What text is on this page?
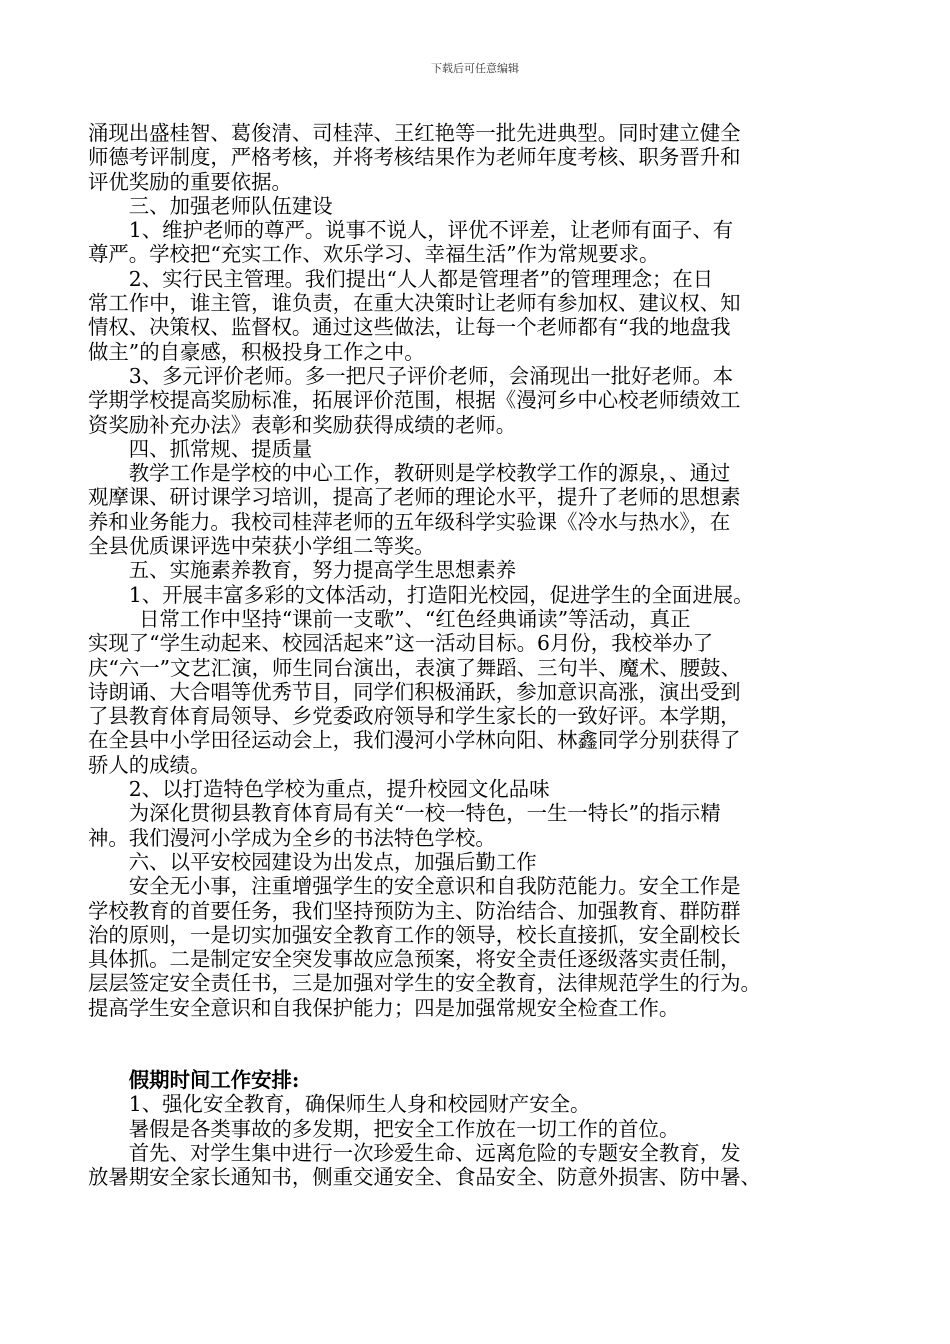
下载后可任意编辑
涌现出盛桂智、葛俊清、司桂萍、王红艳等一批先进典型。同时建立健全
师德考评制度，严格考核，并将考核结果作为老师年度考核、职务晋升和
评优奖励的重要依据。
三、加强老师队伍建设
1、维护老师的尊严。说事不说人，评优不评差，让老师有面子、有
尊严。学校把“充实工作、欢乐学习、幸福生活”作为常规要求。
2、实行民主管理。我们提出“人人都是管理者”的管理理念；在日
常工作中，谁主管，谁负责，在重大决策时让老师有参加权、建议权、知
情权、决策权、监督权。通过这些做法，让每一个老师都有“我的地盘我
做主”的自豪感，积极投身工作之中。
3、多元评价老师。多一把尺子评价老师，会涌现出一批好老师。本
学期学校提高奖励标准，拓展评价范围，根据《漫河乡中心校老师绩效工
资奖励补充办法》表彰和奖励获得成绩的老师。
四、抓常规、提质量
教学工作是学校的中心工作，教研则是学校教学工作的源泉，、通过
观摩课、研讨课学习培训，提高了老师的理论水平，提升了老师的思想素
养和业务能力。我校司桂萍老师的五年级科学实验课《冷水与热水》，在
全县优质课评选中荣获小学组二等奖。
五、实施素养教育，努力提高学生思想素养
1、开展丰富多彩的文体活动，打造阳光校园，促进学生的全面进展。
日常工作中坚持“课前一支歌”、“红色经典诵读”等活动，真正
实现了“学生动起来、校园活起来”这一活动目标。6月份，我校举办了
庆“六一”文艺汇演，师生同台演出，表演了舞蹈、三句半、魔术、腰鼓、
诗朗诵、大合唱等优秀节目，同学们积极涌跃，参加意识高涨，演出受到
了县教育体育局领导、乡党委政府领导和学生家长的一致好评。本学期，
在全县中小学田径运动会上，我们漫河小学林向阳、林鑫同学分别获得了
骄人的成绩。
2、以打造特色学校为重点，提升校园文化品味
为深化贯彻县教育体育局有关“一校一特色，一生一特长”的指示精
神。我们漫河小学成为全乡的书法特色学校。
六、以平安校园建设为出发点，加强后勤工作
安全无小事，注重增强学生的安全意识和自我防范能力。安全工作是
学校教育的首要任务，我们坚持预防为主、防治结合、加强教育、群防群
治的原则，一是切实加强安全教育工作的领导，校长直接抓，安全副校长
具体抓。二是制定安全突发事故应急预案，将安全责任逐级落实责任制，
层层签定安全责任书，三是加强对学生的安全教育，法律规范学生的行为。
提高学生安全意识和自我保护能力；四是加强常规安全检查工作。
假期时间工作安排:
1、强化安全教育，确保师生人身和校园财产安全。
暑假是各类事故的多发期，把安全工作放在一切工作的首位。
首先、对学生集中进行一次珍爱生命、远离危险的专题安全教育，发
放暑期安全家长通知书，侧重交通安全、食品安全、防意外损害、防中暑、
